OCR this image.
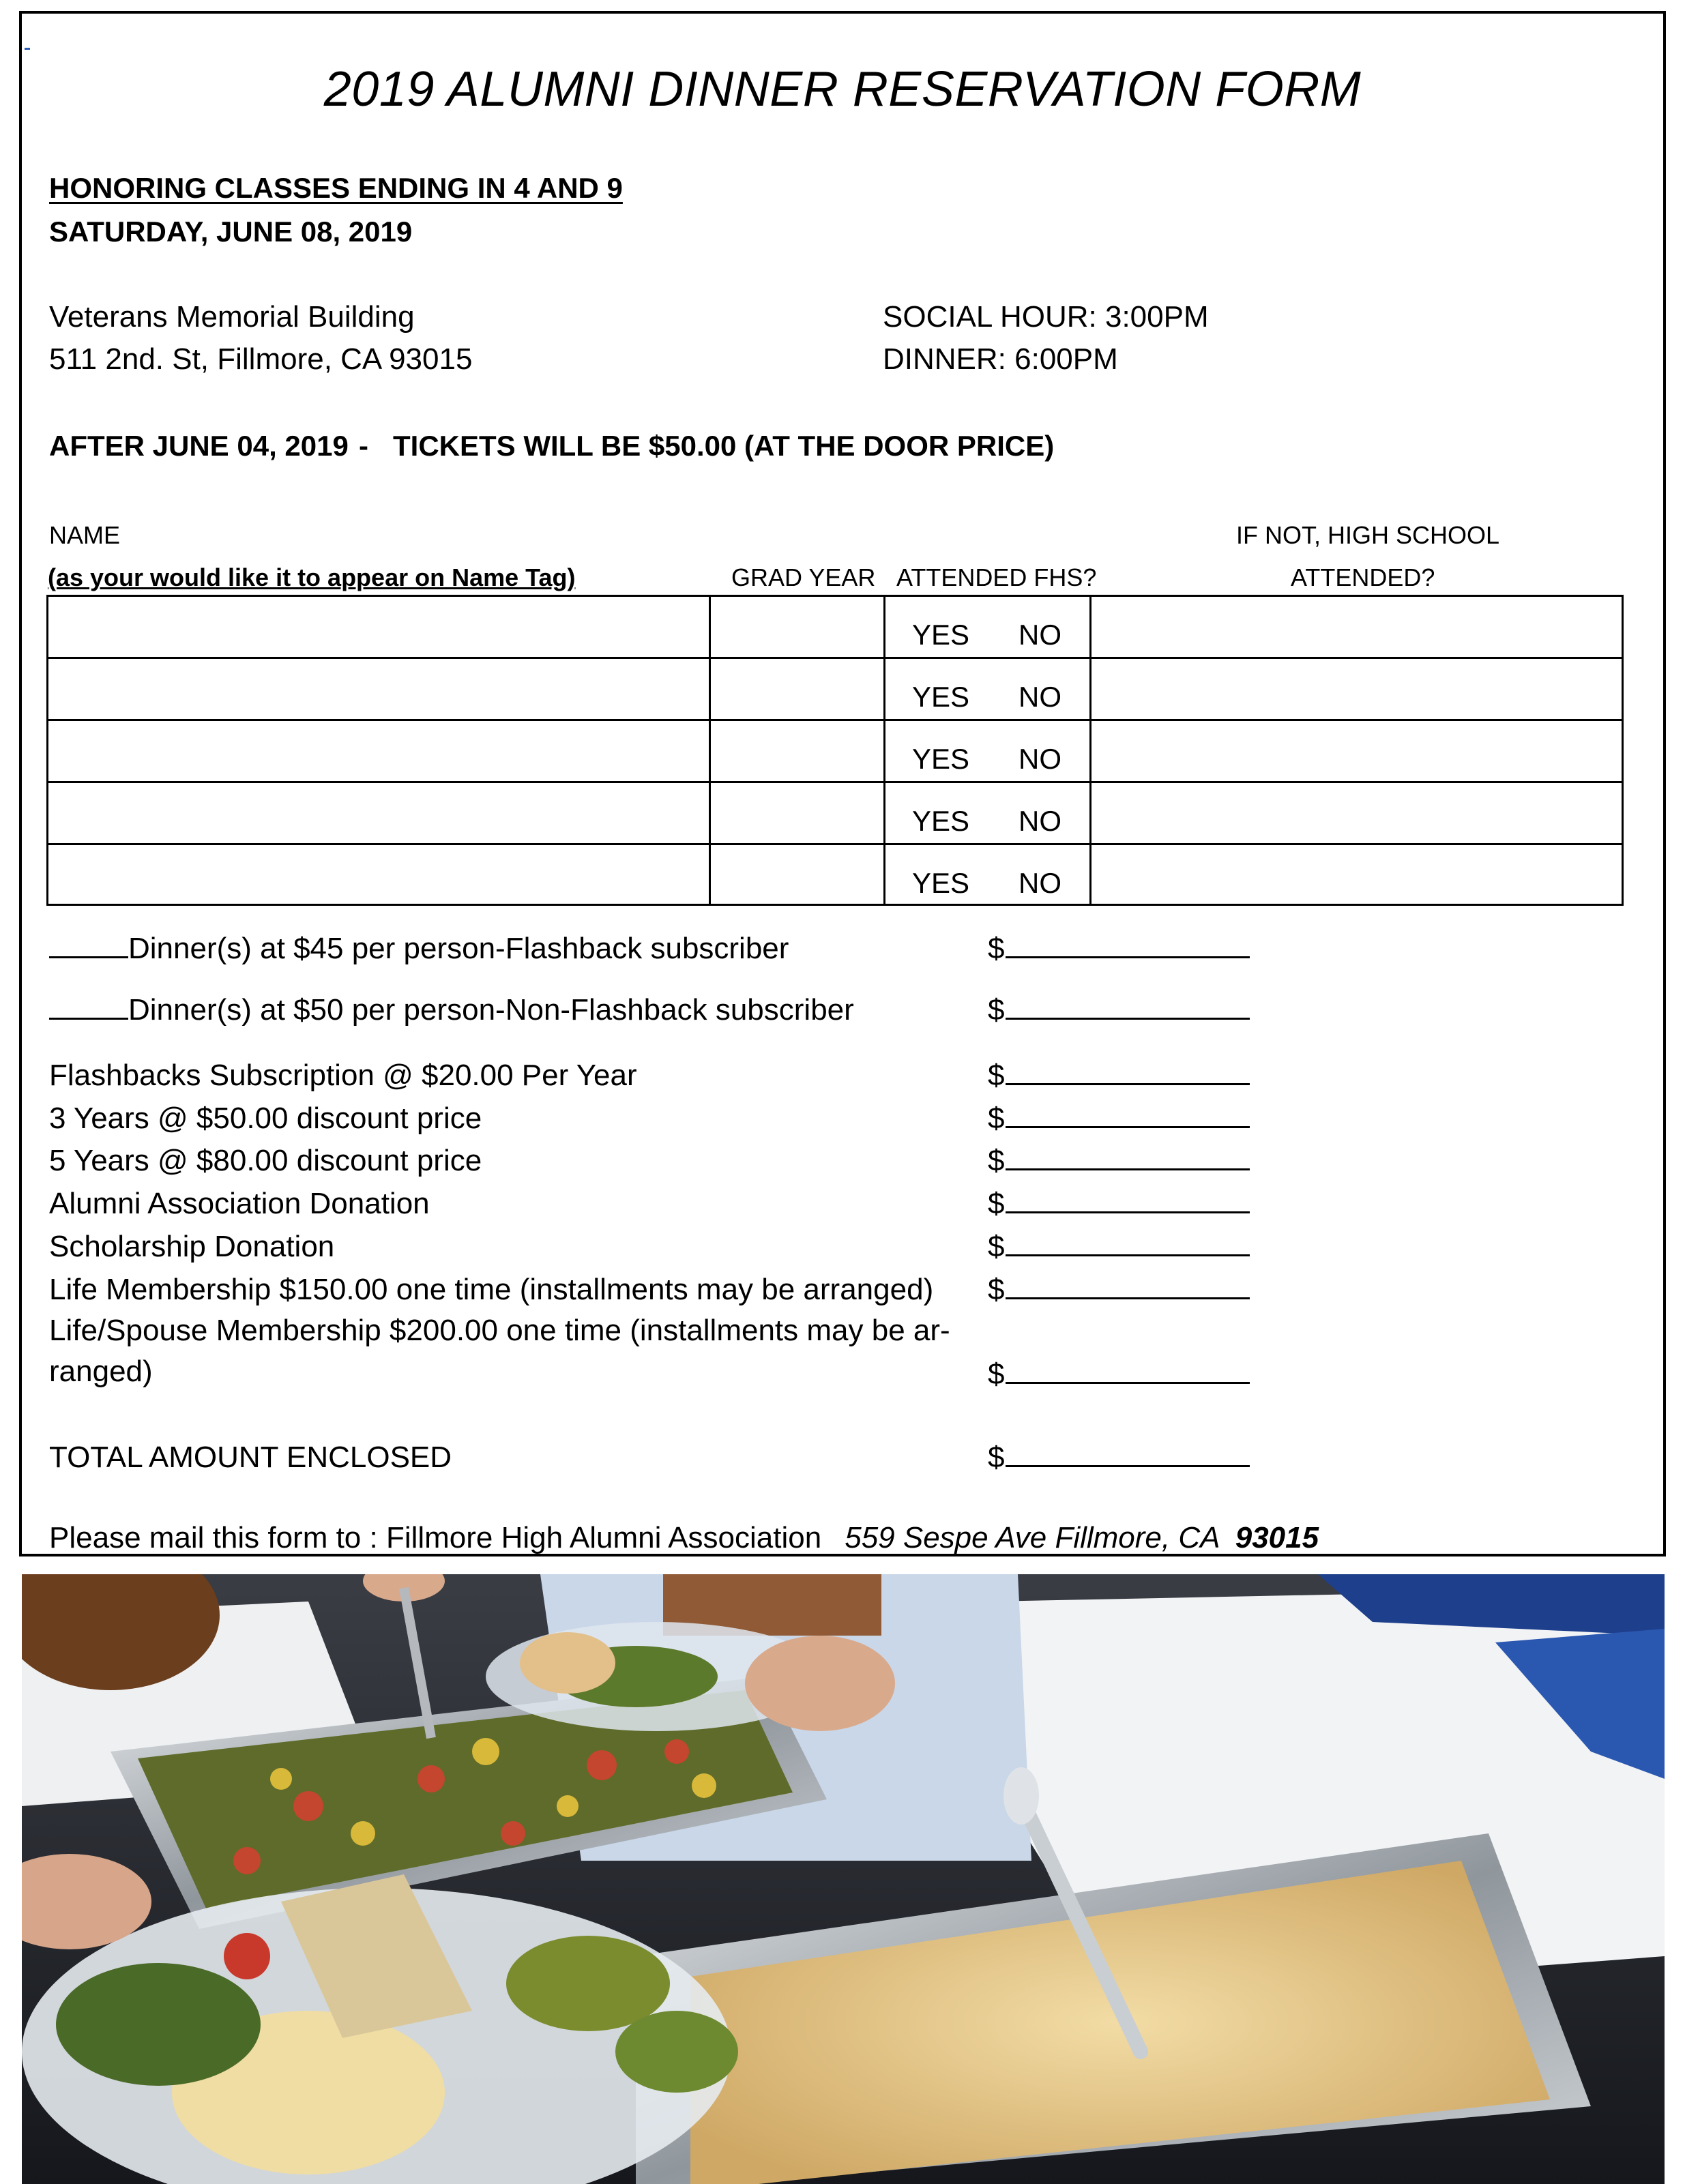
2019 ALUMNI DINNER RESERVATION FORM
HONORING CLASSES ENDING IN 4 AND 9
SATURDAY, JUNE 08, 2019
Veterans Memorial Building
511 2nd. St, Fillmore, CA 93015
SOCIAL HOUR: 3:00PM
DINNER: 6:00PM
AFTER JUNE 04, 2019 - TICKETS WILL BE $50.00 (AT THE DOOR PRICE)
NAME
(as your would like it to appear on Name Tag)	GRAD YEAR ATTENDED FHS?
IF NOT, HIGH SCHOOL
ATTENDED?
YES NO
YES NO
YES NO
YES NO
YES NO
Dinner(s) at $45 per person-Flashback subscriber	$
Dinner(s) at $50 per person-Non-Flashback subscriber	$
Flashbacks Subscription @ $20.00 Per Year	$
3 Years @ $50.00 discount price	$
5 Years @ $80.00 discount price	$
Alumni Association Donation	$
Scholarship Donation	$
Life Membership $150.00 one time (installments may be arranged) $
Life/Spouse Membership $200.00 one time (installments may be ar-
ranged)	$
TOTAL AMOUNT ENCLOSED	$
Please mail this form to : Fillmore High Alumni Association 559 Sespe Ave Fillmore, CA 93015
